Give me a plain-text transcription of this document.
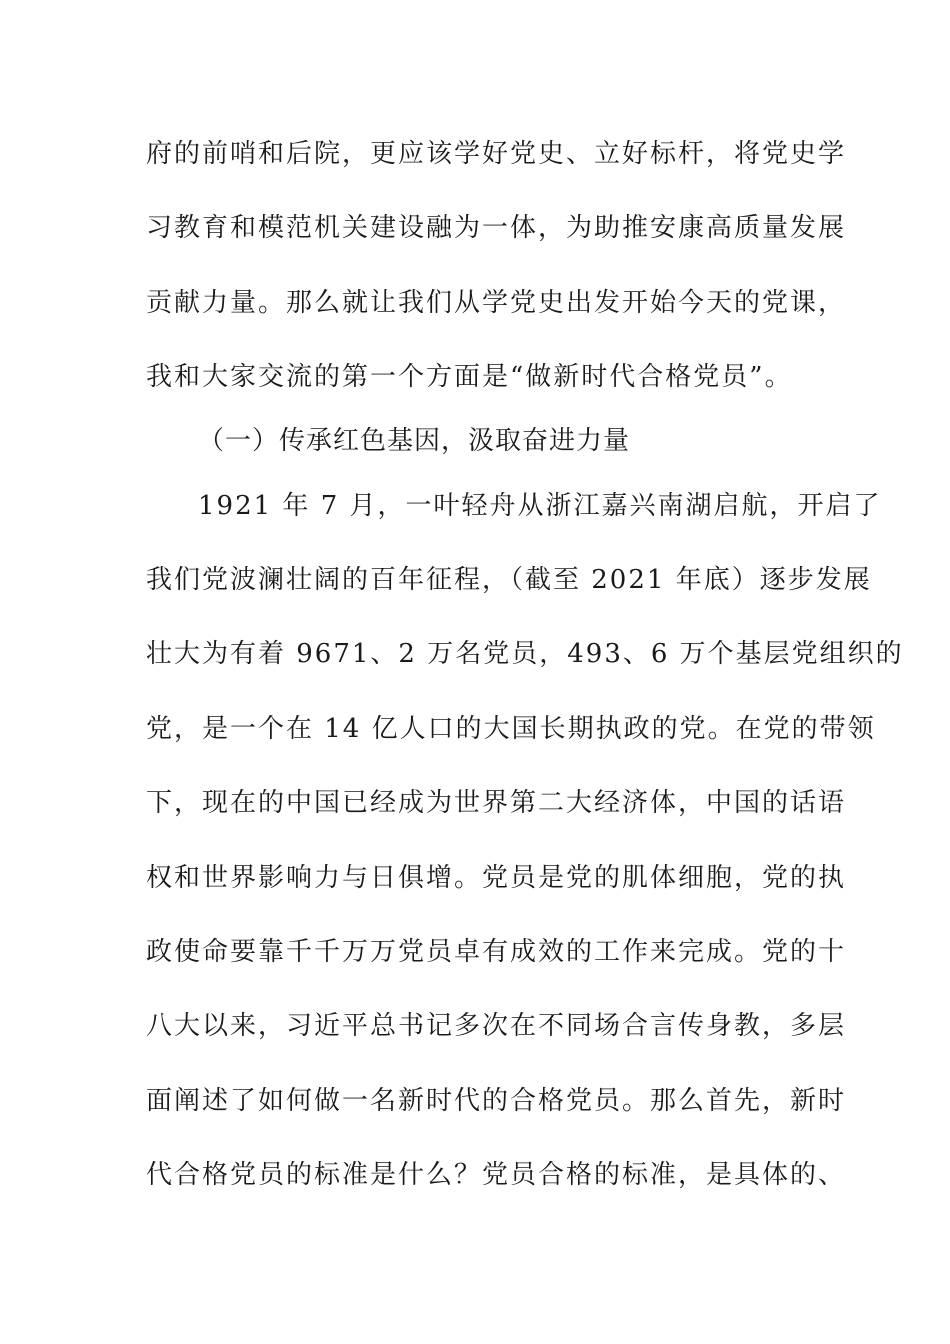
府的前哨和后院，更应该学好党史、立好标杆，将党史学
习教育和模范机关建设融为一体，为助推安康高质量发展
贡献力量。那么就让我们从学党史出发开始今天的党课，
我和大家交流的第一个方面是“做新时代合格党员”。
（一）传承红色基因，汲取奋进力量
1921 年 7 月，一叶轻舟从浙江嘉兴南湖启航，开启了
我们党波澜壮阔的百年征程，（截至 2021 年底）逐步发展
壮大为有着 9671、2 万名党员，493、6 万个基层党组织的
党，是一个在 14 亿人口的大国长期执政的党。在党的带领
下，现在的中国已经成为世界第二大经济体，中国的话语
权和世界影响力与日俱增。党员是党的肌体细胞，党的执
政使命要靠千千万万党员卓有成效的工作来完成。党的十
八大以来，习近平总书记多次在不同场合言传身教，多层
面阐述了如何做一名新时代的合格党员。那么首先，新时
代合格党员的标准是什么？党员合格的标准，是具体的、
